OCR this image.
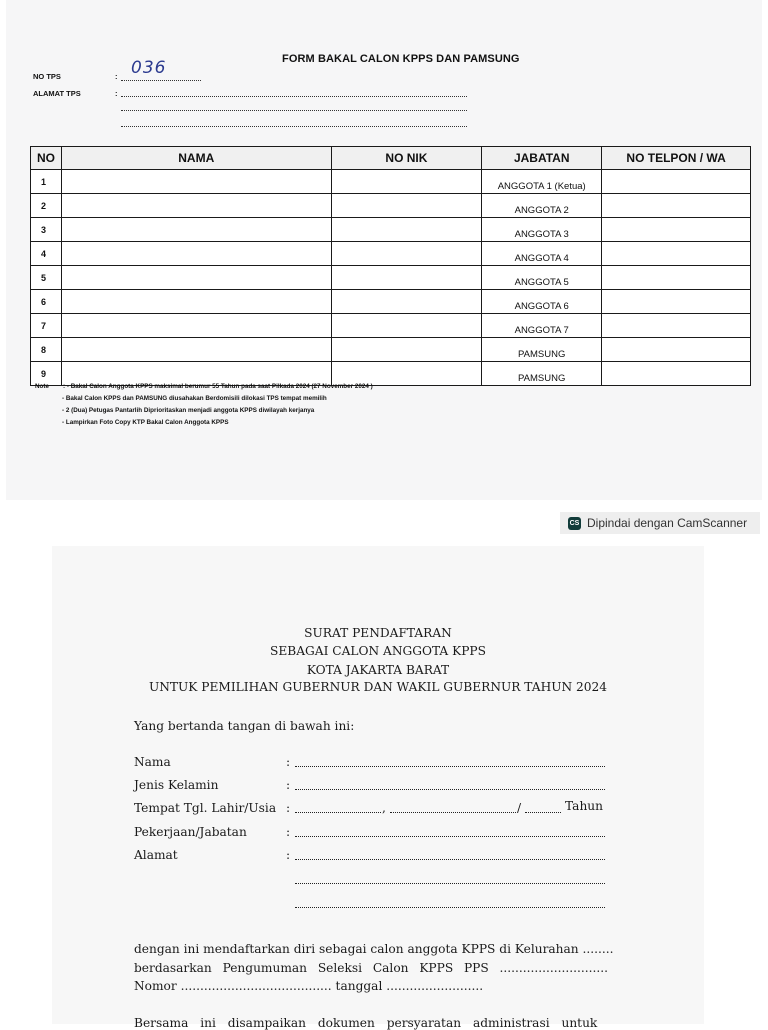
FORM BAKAL CALON KPPS DAN PAMSUNG
NO TPS	: 036
ALAMAT TPS	:
NO	NAMA	NO NIK	JABATAN	NO TELPON / WA
1			ANGGOTA 1 (Ketua)	
2			ANGGOTA 2	
3			ANGGOTA 3	
4			ANGGOTA 4	
5			ANGGOTA 5	
6			ANGGOTA 6	
7			ANGGOTA 7	
8			PAMSUNG	
9			PAMSUNG	
Note : - Bakal Calon Anggota KPPS maksimal berumur 55 Tahun pada saat Pilkada 2024 (27 November 2024 )
- Bakal Calon KPPS dan PAMSUNG diusahakan Berdomisili dilokasi TPS tempat memilih
- 2 (Dua) Petugas Pantarlih Diprioritaskan menjadi anggota KPPS diwilayah kerjanya
- Lampirkan Foto Copy KTP Bakal Calon Anggota KPPS
CS Dipindai dengan CamScanner
SURAT PENDAFTARAN
SEBAGAI CALON ANGGOTA KPPS
KOTA JAKARTA BARAT
UNTUK PEMILIHAN GUBERNUR DAN WAKIL GUBERNUR TAHUN 2024
Yang bertanda tangan di bawah ini:
Nama	:
Jenis Kelamin	:
Tempat Tgl. Lahir/Usia :	,	/	Tahun
Pekerjaan/Jabatan	:
Alamat	:
dengan ini mendaftarkan diri sebagai calon anggota KPPS di Kelurahan ........
berdasarkan Pengumuman Seleksi Calon KPPS PPS ............................
Nomor ....................................... tanggal .........................
Bersama ini disampaikan dokumen persyaratan administrasi untuk
